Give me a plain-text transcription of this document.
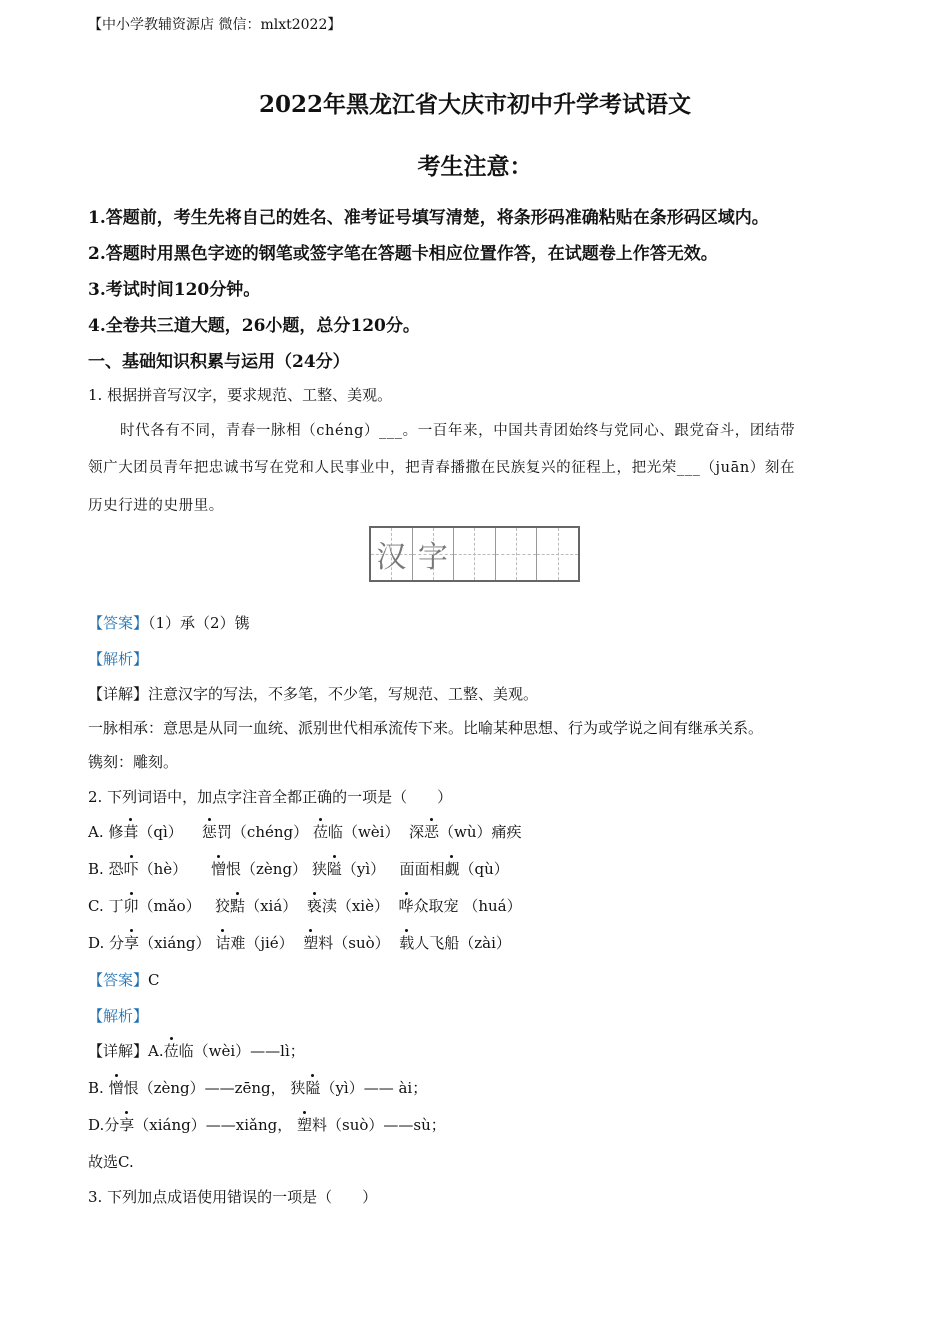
【中小学教辅资源店 微信：mlxt2022】
2022年黑龙江省大庆市初中升学考试语文
考生注意：
1.答题前，考生先将自己的姓名、准考证号填写清楚，将条形码准确粘贴在条形码区域内。
2.答题时用黑色字迹的钢笔或签字笔在答题卡相应位置作答，在试题卷上作答无效。
3.考试时间120分钟。
4.全卷共三道大题，26小题，总分120分。
一、基础知识积累与运用（24分）
1. 根据拼音写汉字，要求规范、工整、美观。
时代各有不同，青春一脉相（chéng）___。一百年来，中国共青团始终与党同心、跟党奋斗，团结带
领广大团员青年把忠诚书写在党和人民事业中，把青春播撒在民族复兴的征程上，把光荣___（juān）刻在
历史行进的史册里。
汉 字
【答案】（1）承（2）镌
【解析】
【详解】注意汉字的写法，不多笔，不少笔，写规范、工整、美观。
一脉相承：意思是从同一血统、派别世代相承流传下来。比喻某种思想、行为或学说之间有继承关系。
镌刻：雕刻。
2. 下列词语中，加点字注音全都正确的一项是（　　）
A. 修葺（qì） 惩罚（chéng） 莅临（wèi） 深恶（wù）痛疾
B. 恐吓（hè） 憎恨（zèng） 狭隘（yì） 面面相觑（qù）
C. 丁卯（mǎo） 狡黠（xiá） 亵渎（xiè） 哗众取宠 （huá）
D. 分享（xiáng） 诘难（jié） 塑料（suò） 载人飞船（zài）
【答案】C
【解析】
【详解】A.莅临（wèi）——lì；
B. 憎恨（zèng）——zēng， 狭隘（yì）—— ài；
D.分享（xiáng）——xiǎng， 塑料（suò）——sù；
故选C.
3. 下列加点成语使用错误的一项是（　　）
